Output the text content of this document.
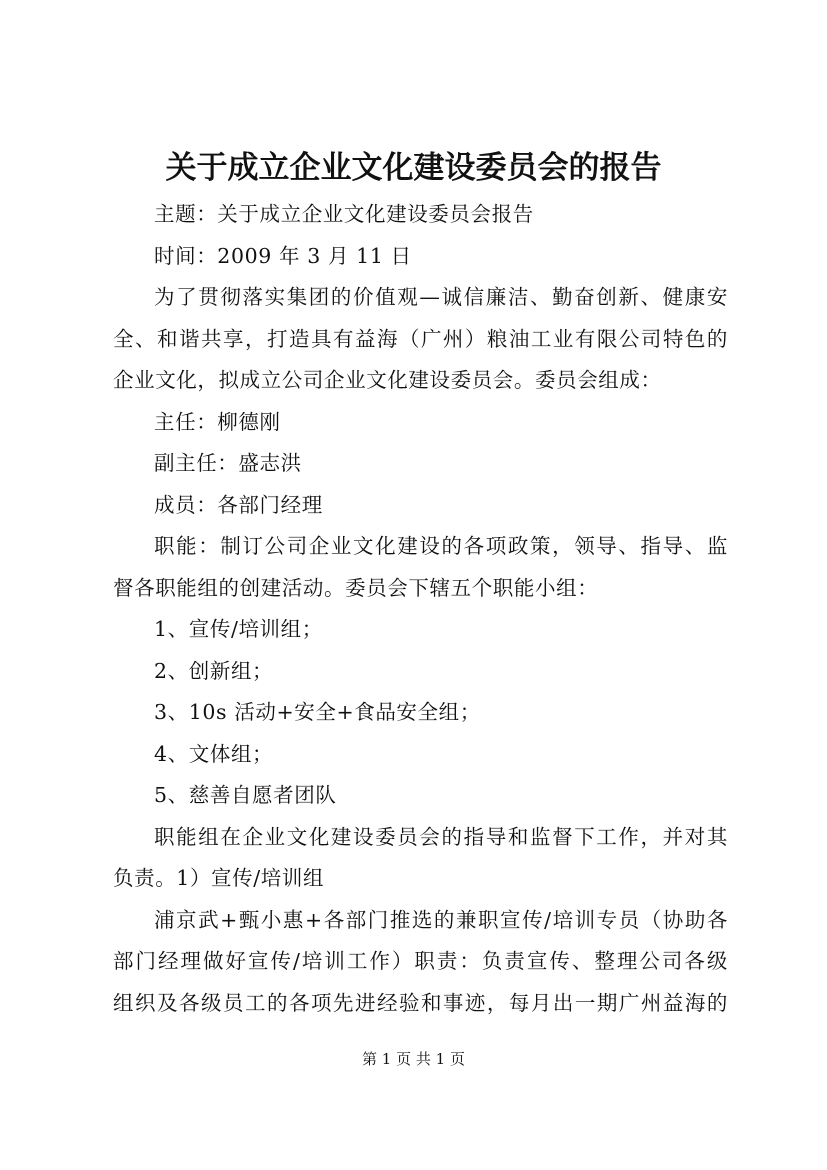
关于成立企业文化建设委员会的报告
主题：关于成立企业文化建设委员会报告
时间：2009 年 3 月 11 日
为了贯彻落实集团的价值观—诚信廉洁、勤奋创新、健康安
全、和谐共享，打造具有益海（广州）粮油工业有限公司特色的
企业文化，拟成立公司企业文化建设委员会。委员会组成：
主任：柳德刚
副主任：盛志洪
成员：各部门经理
职能：制订公司企业文化建设的各项政策，领导、指导、监
督各职能组的创建活动。委员会下辖五个职能小组：
1、宣传/培训组；
2、创新组；
3、10s 活动+安全+食品安全组；
4、文体组；
5、慈善自愿者团队
职能组在企业文化建设委员会的指导和监督下工作，并对其
负责。1）宣传/培训组
浦京武+甄小惠+各部门推选的兼职宣传/培训专员（协助各
部门经理做好宣传/培训工作）职责：负责宣传、整理公司各级
组织及各级员工的各项先进经验和事迹，每月出一期广州益海的
第 1 页 共 1 页
